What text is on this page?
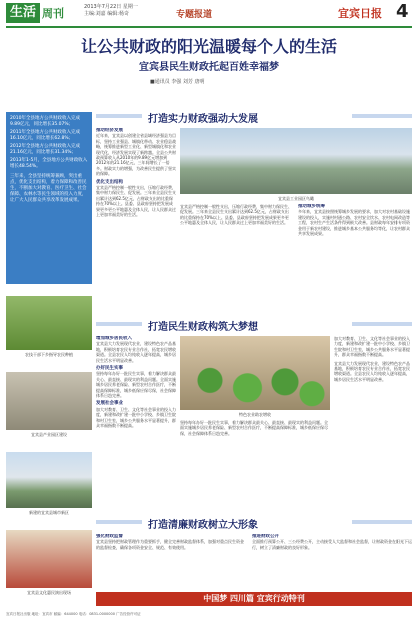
生活 周刊	2013年7月22日 星期一
主编:刘嘉 编辑:杨奇	专题报道	宜宾日报 4
让公共财政的阳光温暖每个人的生活
宜宾县民生财政托起百姓幸福梦
■通讯员 李强 刘芳 唐明

2010年全县地方公共财政收入完成9.89亿元，同比增长35.07%；

2011年全县地方公共财政收入完成16.10亿元，同比增长62.8%；

2012年全县地方公共财政收入完成21.16亿元，同比增长31.34%；

2013年1-5月，全县地方公共财政收入增长48.54%。

三年来，全县坚持统筹兼顾，突出重点，优化支出结构，着力保障和改善民生，不断加大对教育、医疗卫生、社会保障、农林水等民生领域的投入力度，让广大人民群众共享改革发展成果。

农技干部下乡指导农民种植
宜宾县产业园区建设
新建的宜宾县城市新区
宜宾县文化惠民演出现场
打造实力财政强动大发展
推动经济发展

近年来，宜宾县以创建全省县域经济强县为目标，坚持工业强县、城镇化带动、农业稳县战略，统筹推进新型工业化、新型城镇化和农业现代化，经济发展实现了新跨越。全县公共财政预算收入从2010年的9.89亿元增加到2012年的21.16亿元，三年间增长了一倍多。财政实力的增强，为改善民生提供了坚实的保障。

优化支出结构

宜宾县严格控制一般性支出，压缩行政经费，集中财力保民生、促发展。三年来全县民生支出累计达到62.5亿元，占财政支出的比重保持在70%以上。县委、县政府坚持把发展成果更多更公平地惠及全体人民，让人民群众过上更加幸福美好的生活。

宜宾县工业园区鸟瞰

宜宾县严格控制一般性支出，压缩行政经费，集中财力保民生、促发展。三年来全县民生支出累计达到62.5亿元，占财政支出的比重保持在70%以上。县委、县政府坚持把发展成果更多更公平地惠及全体人民，让人民群众过上更加幸福美好的生活。

推动城乡统筹

多年来，宜宾县按照统筹城乡发展的要求，加大对农村基础设施建设的投入，实施村村通公路、农村安全饮水、农村电网改造等工程，农村生产生活条件得到极大改善。县财政每年安排专项资金用于新农村建设，推进城乡基本公共服务均等化，让农村群众共享发展成果。

打造民生财政构筑大梦想
增加城乡居民收入

宜宾县大力发展现代农业，建设特色农产品基地，积极培育农民专业合作社，拓宽农民增收渠道。全县农民人均纯收入逐年提高，城乡居民生活水平明显改善。

办好民生实事

坚持每年办好一批民生实事，着力解决群众最关心、最直接、最现实的利益问题。全面实施城乡居民养老保险、新型农村合作医疗，不断提高保障标准，城乡低保应保尽保，社会保障体系日趋完善。

发展社会事业

加大对教育、卫生、文化等社会事业的投入力度，新建和改扩建一批中小学校、乡镇卫生院和村卫生室，城乡公共服务水平显著提升，群众幸福指数不断提高。

特色农业助农增收

加大对教育、卫生、文化等社会事业的投入力度，新建和改扩建一批中小学校、乡镇卫生院和村卫生室，城乡公共服务水平显著提升，群众幸福指数不断提高。

宜宾县大力发展现代农业，建设特色农产品基地，积极培育农民专业合作社，拓宽农民增收渠道。全县农民人均纯收入逐年提高，城乡居民生活水平明显改善。

坚持每年办好一批民生实事，着力解决群众最关心、最直接、最现实的利益问题。全面实施城乡居民养老保险、新型农村合作医疗，不断提高保障标准，城乡低保应保尽保，社会保障体系日趋完善。

打造清廉财政树立大形象
强化财政监督

宜宾县坚持把财政管理作为重要抓手，健全完善财政监督体系，加强对重点民生资金的监督检查，确保各项资金安全、规范、有效使用。

推进财政公开

全面推行预算公开、三公经费公开，主动接受人大监督和社会监督，让财政资金在阳光下运行，树立了清廉财政的良好形象。

中国梦 四川篇 宜宾行动特刊
宜宾日报社出版 地址：宜宾市 邮编：644000 电话：0831-0000000 广告经营许可证
